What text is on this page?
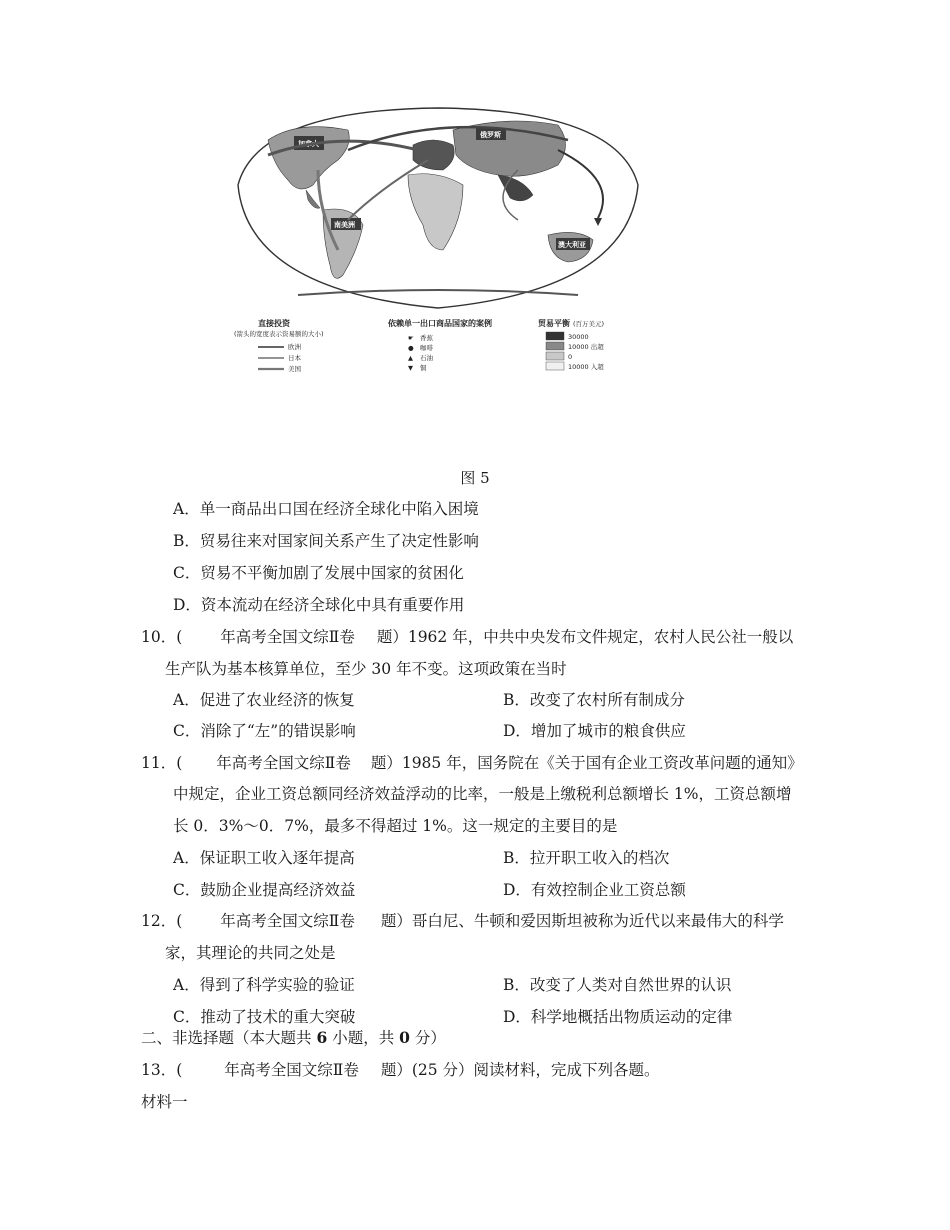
加拿大
南美洲
俄罗斯
澳大利亚
直接投资
(箭头的宽度表示资易额的大小)
欧洲
日本
美国
依赖单一出口商品国家的案例
☛ 香蕉
● 咖啡
▲ 石油
▼ 铜
贸易平衡 (百万美元)
30000
10000 出超
0
10000 入超
图 5
A．单一商品出口国在经济全球化中陷入困境
B．贸易往来对国家间关系产生了决定性影响
C．贸易不平衡加剧了发展中国家的贫困化
D．资本流动在经济全球化中具有重要作用
10．( 年高考全国文综Ⅱ卷 题）1962 年，中共中央发布文件规定，农村人民公社一般以
生产队为基本核算单位，至少 30 年不变。这项政策在当时
A．促进了农业经济的恢复	B．改变了农村所有制成分
C．消除了“左”的错误影响	D．增加了城市的粮食供应
11．( 年高考全国文综Ⅱ卷 题）1985 年，国务院在《关于国有企业工资改革问题的通知》
中规定，企业工资总额同经济效益浮动的比率，一般是上缴税利总额增长 1%，工资总额增
长 0．3%～0．7%，最多不得超过 1%。这一规定的主要目的是
A．保证职工收入逐年提高	B．拉开职工收入的档次
C．鼓励企业提高经济效益	D．有效控制企业工资总额
12．( 年高考全国文综Ⅱ卷 题）哥白尼、牛顿和爱因斯坦被称为近代以来最伟大的科学
家，其理论的共同之处是
A．得到了科学实验的验证	B．改变了人类对自然世界的认识
C．推动了技术的重大突破	D．科学地概括出物质运动的定律
二、非选择题（本大题共 6 小题，共 0 分）
13．(	年高考全国文综Ⅱ卷 题）(25 分）阅读材料，完成下列各题。
材料一
